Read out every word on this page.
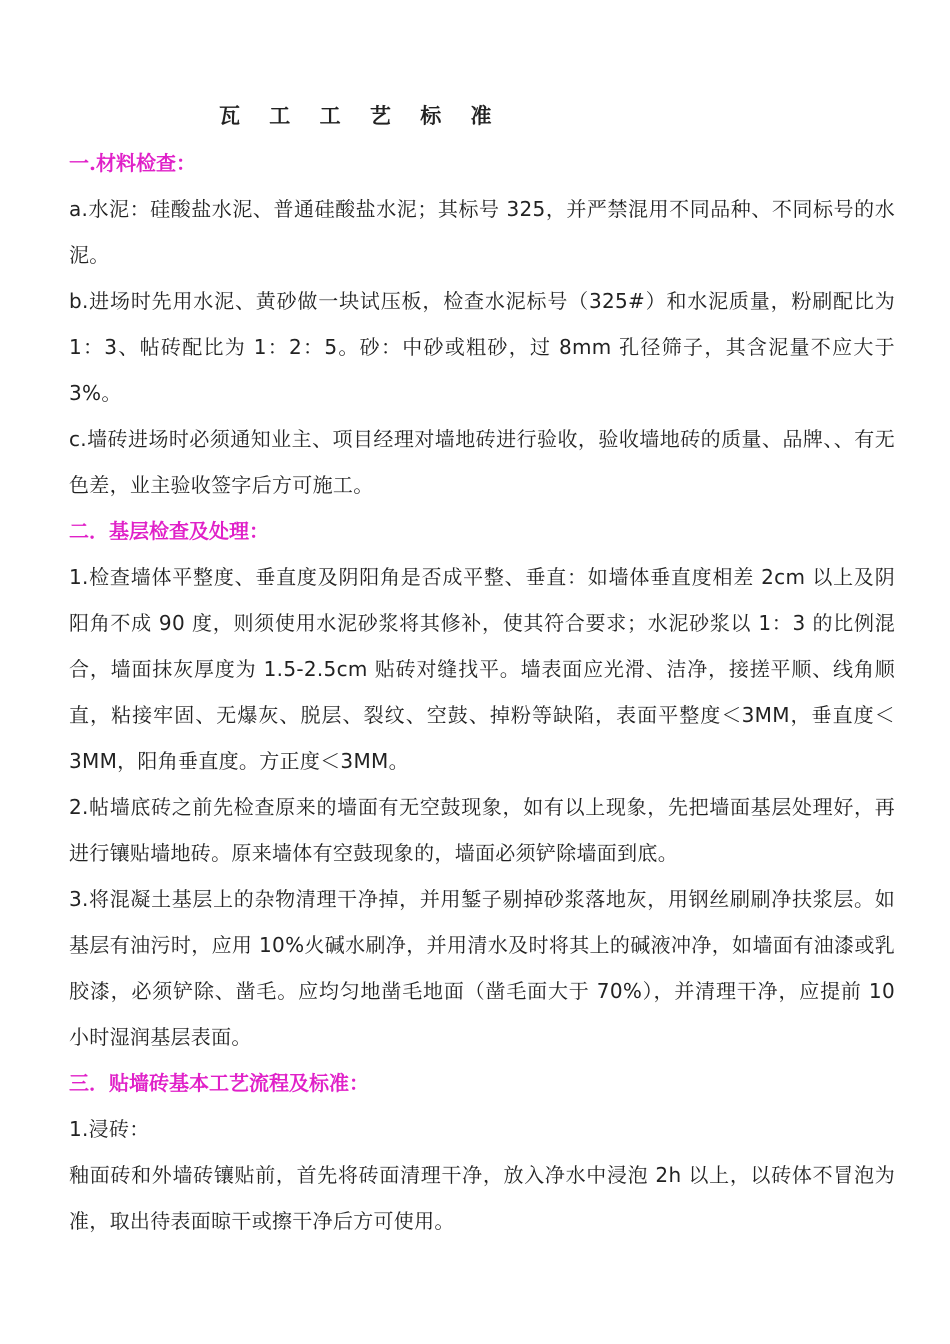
瓦 工 工 艺 标 准
一.材料检查：

a.水泥：硅酸盐水泥、普通硅酸盐水泥；其标号 325，并严禁混用不同品种、不同标号的水泥。

b.进场时先用水泥、黄砂做一块试压板，检查水泥标号（325#）和水泥质量，粉刷配比为 1：3、帖砖配比为 1：2：5。砂：中砂或粗砂，过 8mm 孔径筛子，其含泥量不应大于 3%。

c.墙砖进场时必须通知业主、项目经理对墙地砖进行验收，验收墙地砖的质量、品牌、、有无色差，业主验收签字后方可施工。

二．基层检查及处理：

1.检查墙体平整度、垂直度及阴阳角是否成平整、垂直：如墙体垂直度相差 2cm 以上及阴阳角不成 90 度，则须使用水泥砂浆将其修补，使其符合要求；水泥砂浆以 1：3 的比例混合，墙面抹灰厚度为 1.5-2.5cm 贴砖对缝找平。墙表面应光滑、洁净，接搓平顺、线角顺直，粘接牢固、无爆灰、脱层、裂纹、空鼓、掉粉等缺陷，表面平整度＜3MM，垂直度＜3MM，阳角垂直度。方正度＜3MM。

2.帖墙底砖之前先检查原来的墙面有无空鼓现象，如有以上现象，先把墙面基层处理好，再进行镶贴墙地砖。原来墙体有空鼓现象的，墙面必须铲除墙面到底。

3.将混凝土基层上的杂物清理干净掉，并用錾子剔掉砂浆落地灰，用钢丝刷刷净扶浆层。如基层有油污时，应用 10%火碱水刷净，并用清水及时将其上的碱液冲净，如墙面有油漆或乳胶漆，必须铲除、凿毛。应均匀地凿毛地面（凿毛面大于 70%），并清理干净，应提前 10 小时湿润基层表面。

三．贴墙砖基本工艺流程及标准：

1.浸砖：

釉面砖和外墙砖镶贴前，首先将砖面清理干净，放入净水中浸泡 2h 以上，以砖体不冒泡为准，取出待表面晾干或擦干净后方可使用。
